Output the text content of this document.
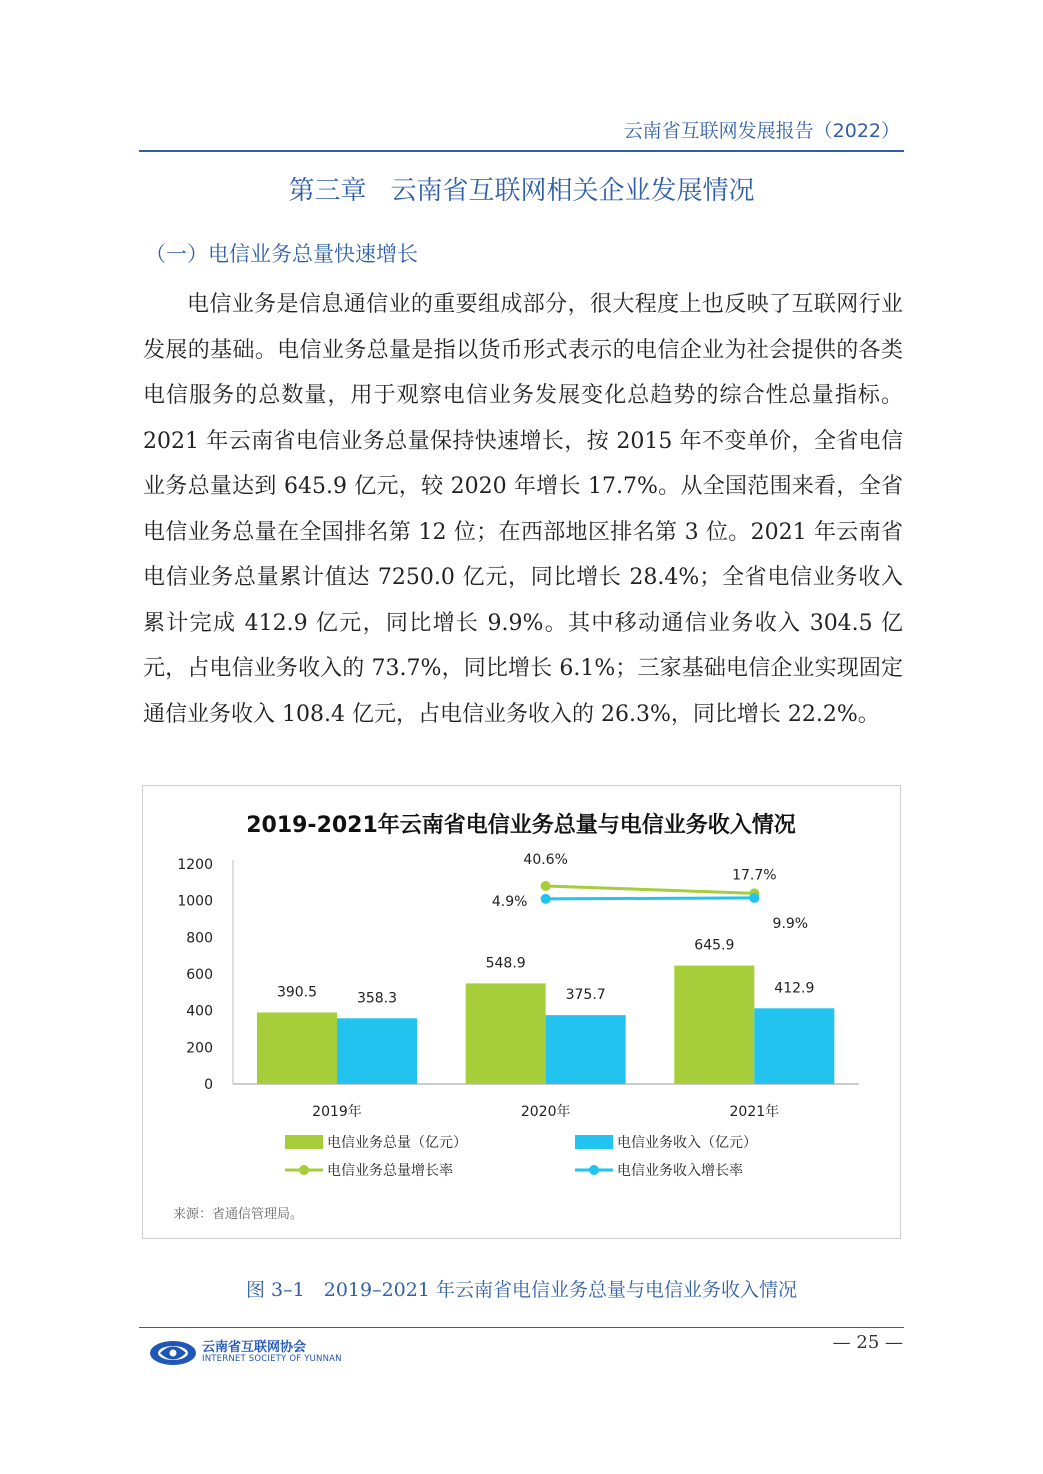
云南省互联网发展报告（2022）
第三章 云南省互联网相关企业发展情况
（一）电信业务总量快速增长

电信业务是信息通信业的重要组成部分，很大程度上也反映了互联网行业发展的基础。电信业务总量是指以货币形式表示的电信企业为社会提供的各类电信服务的总数量，用于观察电信业务发展变化总趋势的综合性总量指标。2021 年云南省电信业务总量保持快速增长，按 2015 年不变单价，全省电信业务总量达到 645.9 亿元，较 2020 年增长 17.7%。从全国范围来看，全省电信业务总量在全国排名第 12 位；在西部地区排名第 3 位。2021 年云南省电信业务总量累计值达 7250.0 亿元，同比增长 28.4%；全省电信业务收入累计完成 412.9 亿元，同比增长 9.9%。其中移动通信业务收入 304.5 亿元，占电信业务收入的 73.7%，同比增长 6.1%；三家基础电信企业实现固定通信业务收入 108.4 亿元，占电信业务收入的 26.3%，同比增长 22.2%。

2019-2021年云南省电信业务总量与电信业务收入情况
0
200
400
600
800
1000
1200
390.5	358.3
2019年
548.9
375.7
2020年
645.9
412.9
2021年
40.6%
17.7%
4.9%
9.9%
电信业务总量（亿元）	电信业务收入（亿元）
电信业务总量增长率	电信业务收入增长率
来源：省通信管理局。
图 3–1　2019–2021 年云南省电信业务总量与电信业务收入情况
云南省互联网协会
INTERNET SOCIETY OF YUNNAN
— 25 —
